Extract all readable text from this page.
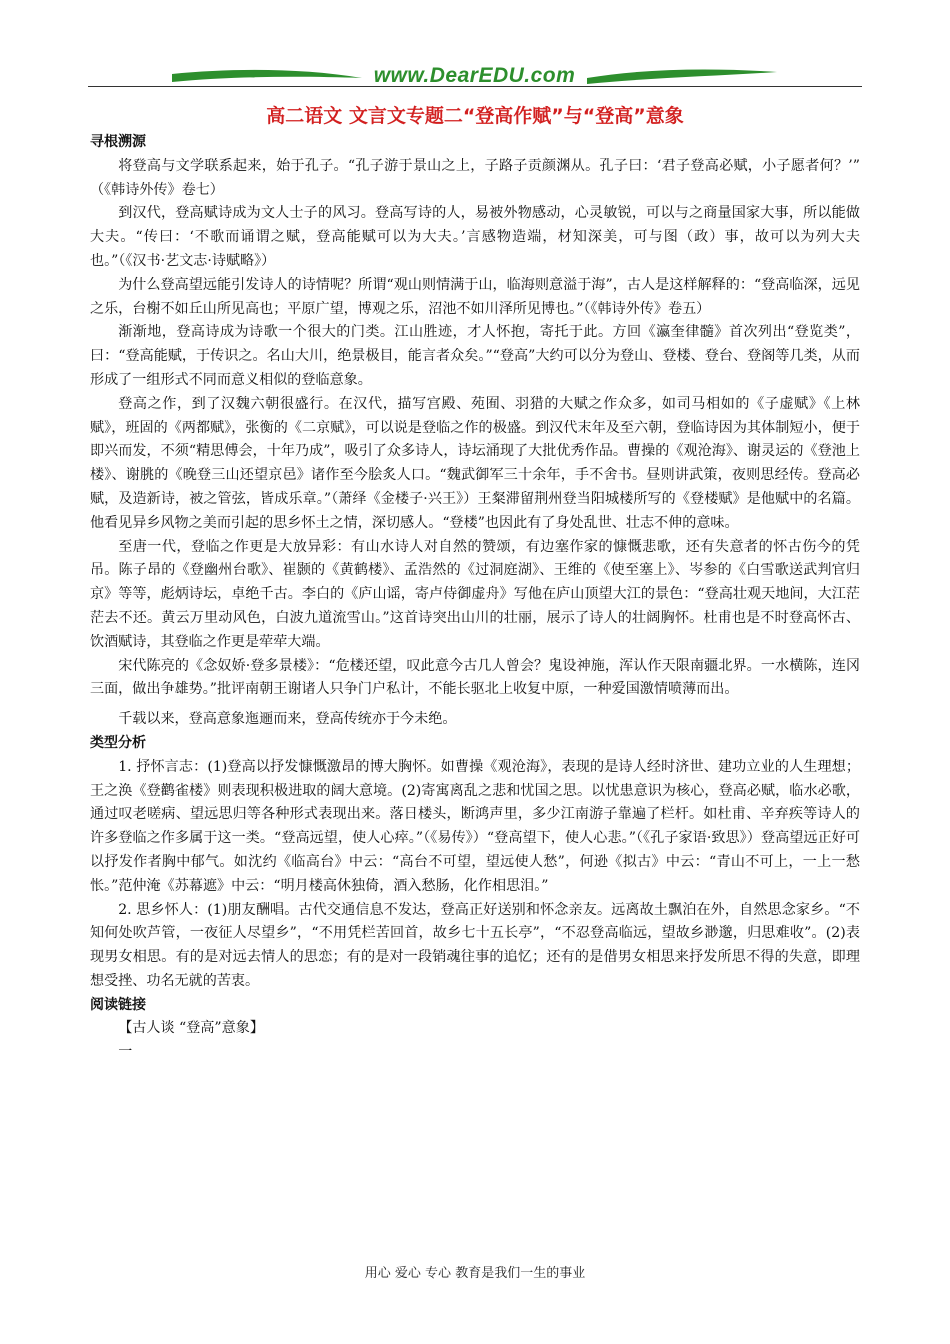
www.DearEDU.com
高二语文 文言文专题二“登高作赋”与“登高”意象

寻根溯源

将登高与文学联系起来，始于孔子。“孔子游于景山之上，子路子贡颜渊从。孔子曰：‘君子登高必赋，小子愿者何？’” （《韩诗外传》卷七）

到汉代，登高赋诗成为文人士子的风习。登高写诗的人，易被外物感动，心灵敏锐，可以与之商量国家大事，所以能做大夫。“传曰：‘不歌而诵谓之赋，登高能赋可以为大夫。’言感物造端，材知深美，可与图（政）事，故可以为列大夫也。”（《汉书·艺文志·诗赋略》）

为什么登高望远能引发诗人的诗情呢？所谓“观山则情满于山，临海则意溢于海”，古人是这样解释的：“登高临深，远见之乐，台榭不如丘山所见高也；平原广望，博观之乐，沼池不如川泽所见博也。”（《韩诗外传》卷五）

渐渐地，登高诗成为诗歌一个很大的门类。江山胜迹，才人怀抱，寄托于此。方回《瀛奎律髓》首次列出“登览类”，曰：“登高能赋，于传识之。名山大川，绝景极目，能言者众矣。”“登高”大约可以分为登山、登楼、登台、登阁等几类，从而形成了一组形式不同而意义相似的登临意象。

登高之作，到了汉魏六朝很盛行。在汉代，描写宫殿、苑囿、羽猎的大赋之作众多，如司马相如的《子虚赋》《上林赋》，班固的《两都赋》，张衡的《二京赋》，可以说是登临之作的极盛。到汉代末年及至六朝，登临诗因为其体制短小，便于即兴而发，不须“精思傅会，十年乃成”，吸引了众多诗人，诗坛涌现了大批优秀作品。曹操的《观沧海》、谢灵运的《登池上楼》、谢朓的《晚登三山还望京邑》诸作至今脍炙人口。“魏武御军三十余年，手不舍书。昼则讲武策，夜则思经传。登高必赋，及造新诗，被之管弦，皆成乐章。”（萧绎《金楼子·兴王》）王粲滞留荆州登当阳城楼所写的《登楼赋》是他赋中的名篇。他看见异乡风物之美而引起的思乡怀土之情，深切感人。“登楼”也因此有了身处乱世、壮志不伸的意味。

至唐一代，登临之作更是大放异彩：有山水诗人对自然的赞颂，有边塞作家的慷慨悲歌，还有失意者的怀古伤今的凭吊。陈子昂的《登幽州台歌》、崔颢的《黄鹤楼》、孟浩然的《过洞庭湖》、王维的《使至塞上》、岑参的《白雪歌送武判官归京》等等，彪炳诗坛，卓绝千古。李白的《庐山谣，寄卢侍御虚舟》写他在庐山顶望大江的景色：“登高壮观天地间，大江茫茫去不还。黄云万里动风色，白波九道流雪山。”这首诗突出山川的壮丽，展示了诗人的壮阔胸怀。杜甫也是不时登高怀古、饮酒赋诗，其登临之作更是荦荦大端。

宋代陈亮的《念奴娇·登多景楼》：“危楼还望，叹此意今古几人曾会？鬼设神施，浑认作天限南疆北界。一水横陈，连冈三面，做出争雄势。”批评南朝王谢诸人只争门户私计，不能长驱北上收复中原，一种爱国激情喷薄而出。

千载以来，登高意象迤逦而来，登高传统亦于今未绝。

类型分析

1. 抒怀言志：(1)登高以抒发慷慨激昂的博大胸怀。如曹操《观沧海》，表现的是诗人经时济世、建功立业的人生理想；王之涣《登鹳雀楼》则表现积极进取的阔大意境。(2)寄寓离乱之悲和忧国之思。以忧患意识为核心，登高必赋，临水必歌，通过叹老嗟病、望远思归等各种形式表现出来。落日楼头，断鸿声里，多少江南游子靠遍了栏杆。如杜甫、辛弃疾等诗人的许多登临之作多属于这一类。“登高远望，使人心瘁。”（《易传》）“登高望下，使人心悲。”（《孔子家语·致思》）登高望远正好可以抒发作者胸中郁气。如沈约《临高台》中云：“高台不可望，望远使人愁”，何逊《拟古》中云：“青山不可上，一上一愁怅。”范仲淹《苏幕遮》中云：“明月楼高休独倚，酒入愁肠，化作相思泪。”

2. 思乡怀人：(1)朋友酬唱。古代交通信息不发达，登高正好送别和怀念亲友。远离故土飘泊在外，自然思念家乡。“不知何处吹芦管，一夜征人尽望乡”，“不用凭栏苦回首，故乡七十五长亭”，“不忍登高临远，望故乡渺邈，归思难收”。(2)表现男女相思。有的是对远去情人的思恋；有的是对一段销魂往事的追忆；还有的是借男女相思来抒发所思不得的失意，即理想受挫、功名无就的苦衷。

阅读链接

【古人谈 “登高”意象】

一

用心 爱心 专心 教育是我们一生的事业
